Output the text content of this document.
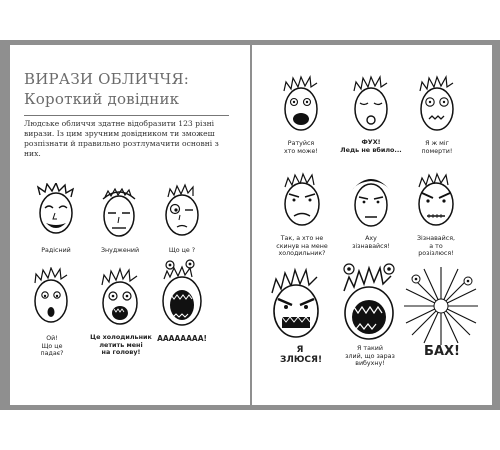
ВИРАЗИ ОБЛИЧЧЯ:
Короткий довідник
Людське обличчя здатне відобразити 123 різні вирази. Із цим зручним довідником ти зможеш розпізнати й правильно розтлумачити основні з них.
Радісний	Знуджений	Що це ?
Ой!
Що це
падає?
Це холодильник
летить мені
на голову!
АААААААА!
Ратуйся
хто може!
ФУХ!
Ледь не вбило...
Я ж міг
померти!
Так, а хто не
скинув на мене
холодильник?
Аху
зізнавайся!
Зізнавайся,
а то
розізлюся!
Я
ЗЛЮСЯ!
Я такий
злий, що зараз
вибухну!
БАХ!
